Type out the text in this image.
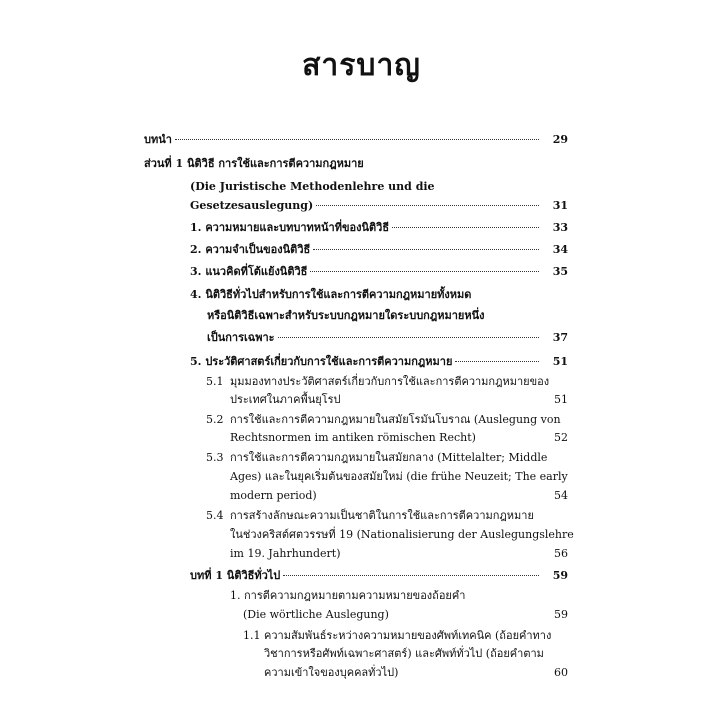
สารบาญ
บทนำ	29
ส่วนที่ 1 นิติวิธี การใช้และการตีความกฎหมาย
(Die Juristische Methodenlehre und die
Gesetzesauslegung)	31
1. ความหมายและบทบาทหน้าที่ของนิติวิธี	33
2. ความจำเป็นของนิติวิธี	34
3. แนวคิดที่โต้แย้งนิติวิธี	35
4. นิติวิธีทั่วไปสำหรับการใช้และการตีความกฎหมายทั้งหมด
หรือนิติวิธีเฉพาะสำหรับระบบกฎหมายใดระบบกฎหมายหนึ่ง
เป็นการเฉพาะ	37
5. ประวัติศาสตร์เกี่ยวกับการใช้และการตีความกฎหมาย	51
5.1 มุมมองทางประวัติศาสตร์เกี่ยวกับการใช้และการตีความกฎหมายของ
ประเทศในภาคพื้นยุโรป	51
5.2 การใช้และการตีความกฎหมายในสมัยโรมันโบราณ (Auslegung von
Rechtsnormen im antiken römischen Recht)	52
5.3 การใช้และการตีความกฎหมายในสมัยกลาง (Mittelalter; Middle
Ages) และในยุคเริ่มต้นของสมัยใหม่ (die frühe Neuzeit; The early
modern period)	54
5.4 การสร้างลักษณะความเป็นชาติในการใช้และการตีความกฎหมาย
ในช่วงคริสต์ศตวรรษที่ 19 (Nationalisierung der Auslegungslehre
im 19. Jahrhundert)	56
บทที่ 1 นิติวิธีทั่วไป	59
1. การตีความกฎหมายตามความหมายของถ้อยคำ
(Die wörtliche Auslegung)	59
1.1 ความสัมพันธ์ระหว่างความหมายของศัพท์เทคนิค (ถ้อยคำทาง
วิชาการหรือศัพท์เฉพาะศาสตร์) และศัพท์ทั่วไป (ถ้อยคำตาม
ความเข้าใจของบุคคลทั่วไป)	60
